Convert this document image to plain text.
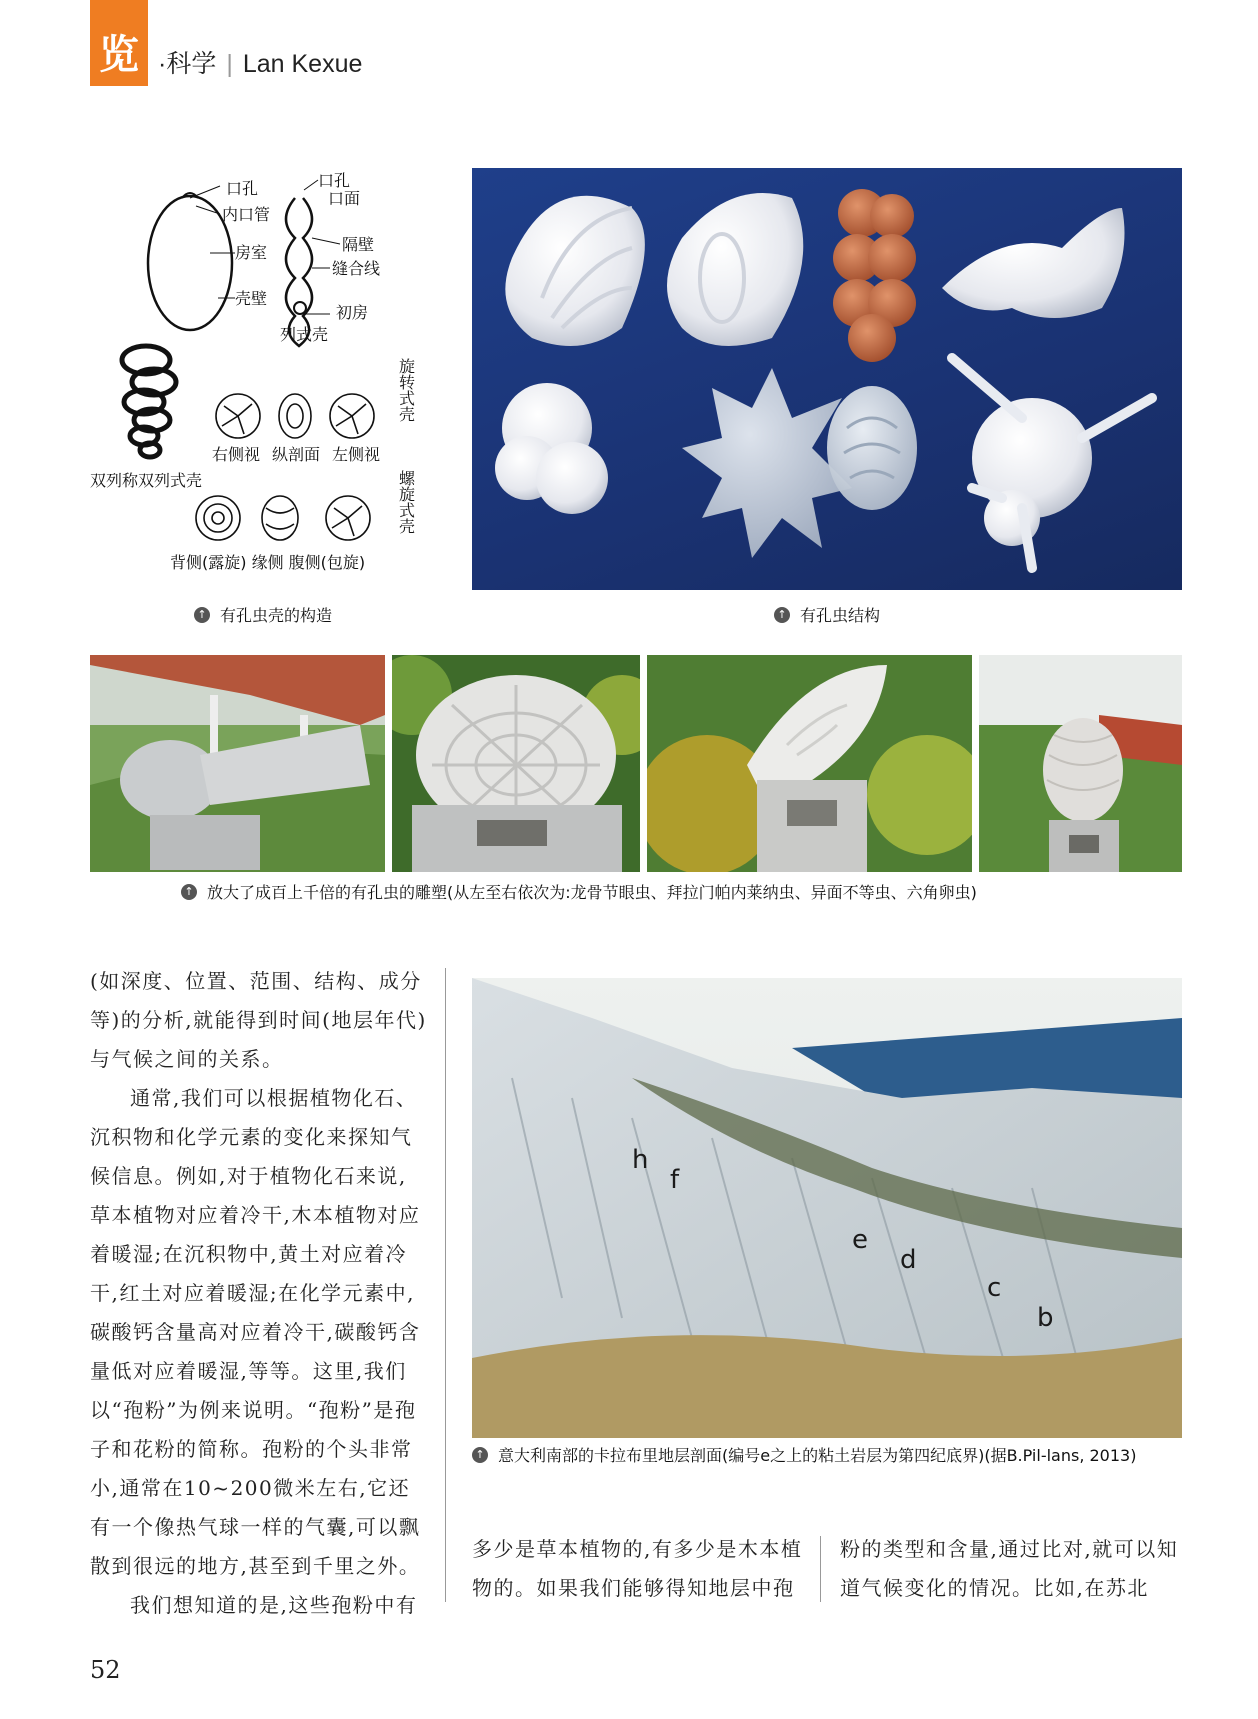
览 ·科学 | Lan Kexue
口孔
内口管
房室
壳壁
口孔
口面
隔壁
缝合线
初房
列式壳
双列称双列式壳
右侧视 纵剖面 左侧视
旋转式壳
螺旋式壳
背侧(露旋) 缘侧 腹侧(包旋)
↑ 有孔虫壳的构造	↑ 有孔虫结构
↑ 放大了成百上千倍的有孔虫的雕塑(从左至右依次为:龙骨节眼虫、拜拉门帕内莱纳虫、异面不等虫、六角卵虫)
h
f
e
d
c
b
↑ 意大利南部的卡拉布里地层剖面(编号e之上的粘土岩层为第四纪底界)(据B.Pil-lans, 2013)

(如深度、位置、范围、结构、成分等)的分析,就能得到时间(地层年代)与气候之间的关系。

通常,我们可以根据植物化石、沉积物和化学元素的变化来探知气候信息。例如,对于植物化石来说,草本植物对应着冷干,木本植物对应着暖湿;在沉积物中,黄土对应着冷干,红土对应着暖湿;在化学元素中,碳酸钙含量高对应着冷干,碳酸钙含量低对应着暖湿,等等。这里,我们以“孢粉”为例来说明。“孢粉”是孢子和花粉的简称。孢粉的个头非常小,通常在10~200微米左右,它还有一个像热气球一样的气囊,可以飘散到很远的地方,甚至到千里之外。

我们想知道的是,这些孢粉中有

多少是草本植物的,有多少是木本植物的。如果我们能够得知地层中孢

粉的类型和含量,通过比对,就可以知道气候变化的情况。比如,在苏北

52
